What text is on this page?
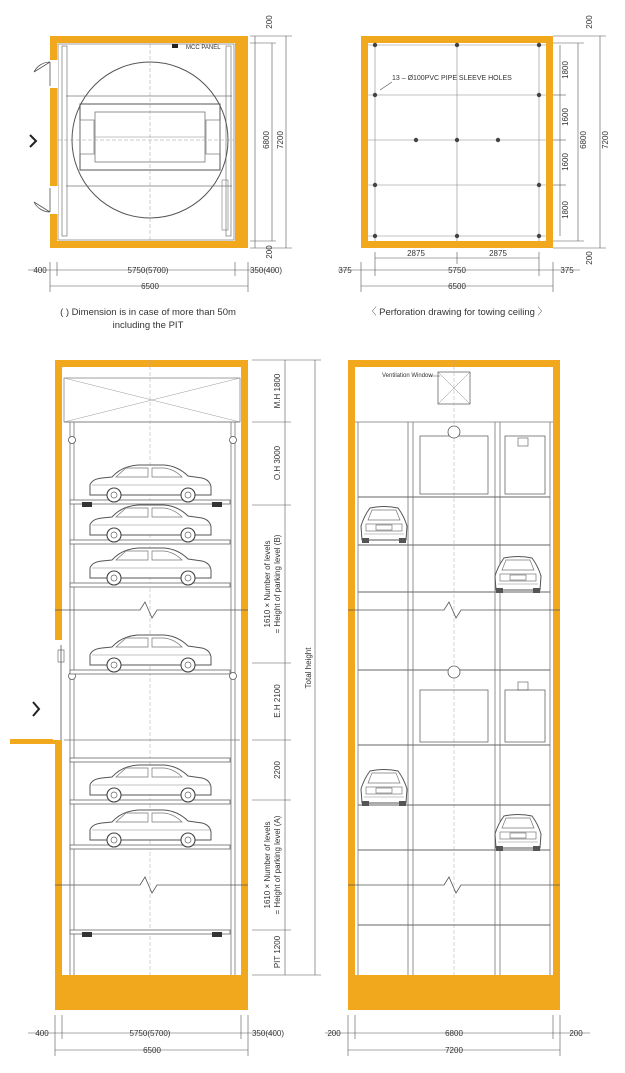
MCC PANEL
200
6800 7200
200
400	5750(5700)	350(400)
6500
( ) Dimension is in case of more than 50m
including the PIT
13 – Ø100PVC PIPE SLEEVE HOLES
200
1800
1600
1600
1800
6800 7200
200
2875	2875
5750
375	375
6500
〈 Perforation drawing for towing ceiling 〉
M.H 1800
O.H 3000
1610 × Number of levels = Height of parking level (B)
E.H 2100
2200
1610 × Number of levels = Height of parking level (A)
PIT 1200
Total height
400	5750(5700)	350(400)
6500
Ventilation Window
200	6800	200
7200
